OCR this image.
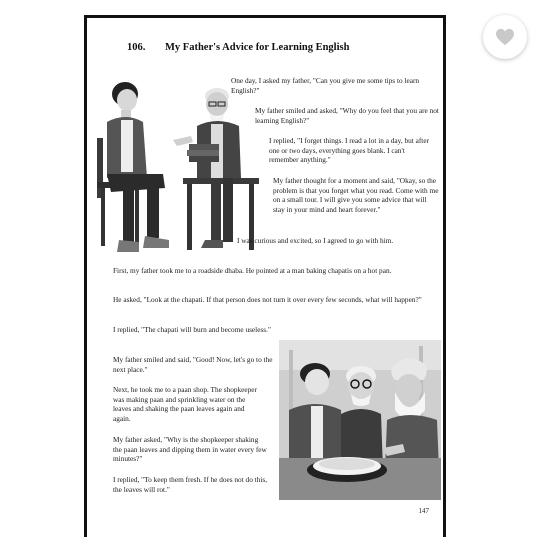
106. My Father's Advice for Learning English

One day, I asked my father, "Can you give me some tips to learn English?"

My father smiled and asked, "Why do you feel that you are not learning English?"

I replied, "I forget things. I read a lot in a day, but after one or two days, everything goes blank. I can't remember anything."

My father thought for a moment and said, "Okay, so the problem is that you forget what you read. Come with me on a small tour. I will give you some advice that will stay in your mind and heart forever."

I was curious and excited, so I agreed to go with him.

First, my father took me to a roadside dhaba. He pointed at a man baking chapatis on a hot pan.

He asked, "Look at the chapati. If that person does not turn it over every few seconds, what will happen?"

I replied, "The chapati will burn and become useless."

My father smiled and said, "Good! Now, let's go to the next place."

Next, he took me to a paan shop. The shopkeeper was making paan and sprinkling water on the leaves and shaking the paan leaves again and again.

My father asked, "Why is the shopkeeper shaking the paan leaves and dipping them in water every few minutes?"

I replied, "To keep them fresh. If he does not do this, the leaves will rot."

147
